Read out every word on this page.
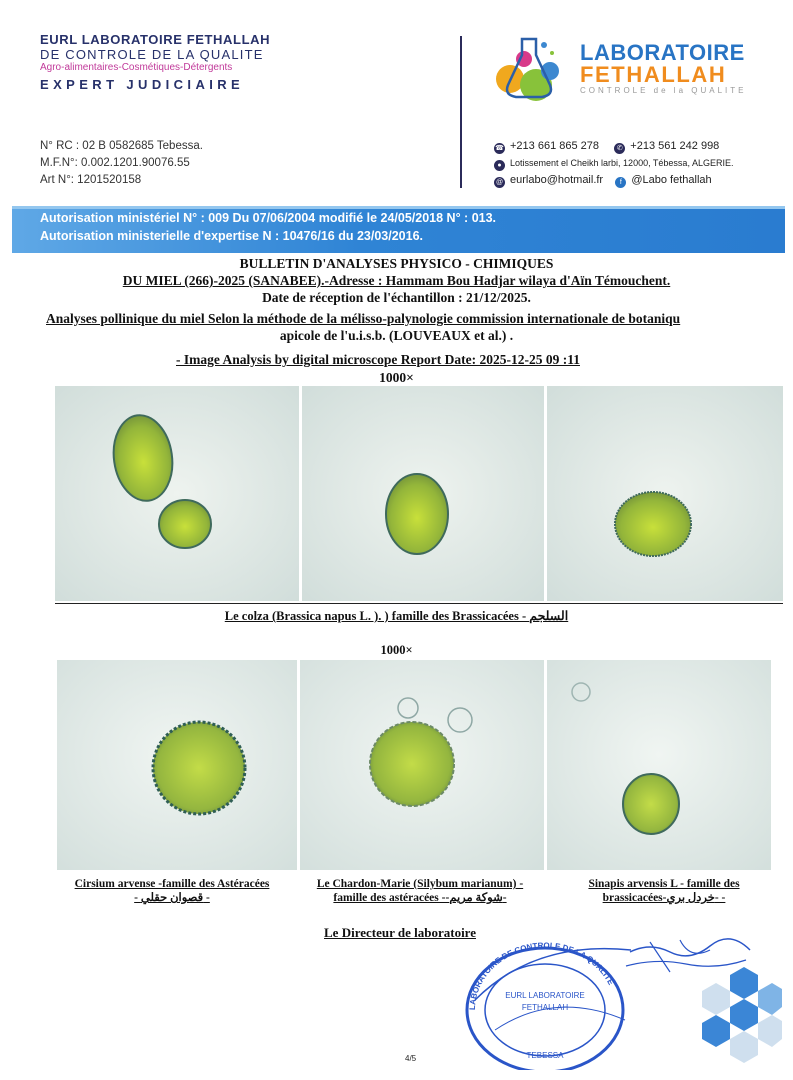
EURL LABORATOIRE FETHALLAH
DE CONTROLE DE LA QUALITE
Agro-alimentaires-Cosmétiques-Détergents
EXPERT JUDICIAIRE
N° RC : 02 B 0582685 Tebessa.
M.F.N°: 0.002.1201.90076.55
Art N°: 1201520158
LABORATOIRE
FETHALLAH
CONTROLE de la QUALITE
☎ +213 661 865 278	✆ +213 561 242 998
● Lotissement el Cheikh larbi, 12000, Tébessa, ALGERIE.
@ eurlabo@hotmail.fr f @Labo fethallah
Autorisation ministériel N° : 009 Du 07/06/2004 modifié le 24/05/2018 N° : 013.
Autorisation ministerielle d'expertise N : 10476/16 du 23/03/2016.
BULLETIN D'ANALYSES PHYSICO - CHIMIQUES
DU MIEL (266)-2025 (SANABEE).-Adresse : Hammam Bou Hadjar wilaya d'Aïn Témouchent.
Date de réception de l'échantillon : 21/12/2025.
Analyses pollinique du miel Selon la méthode de la mélisso-palynologie commission internationale de botaniqu
apicole de l'u.i.s.b. (LOUVEAUX et al.) .
- Image Analysis by digital microscope Report Date: 2025-12-25 09 :11
1000×
Le colza (Brassica napus L. ). ) famille des Brassicacées - السلجم
1000×
Cirsium arvense -famille des Astéracées
- قصوان حقلي -
Le Chardon-Marie (Silybum marianum) -
famille des astéracées --شوكة مريم-
Sinapis arvensis L - famille des
brassicacées-خردل بري- -
Le Directeur de laboratoire
LABORATOIRE DE CONTROLE DE LA QUALITE
EURL LABORATOIRE
FETHALLAH
TEBESSA
4/5
